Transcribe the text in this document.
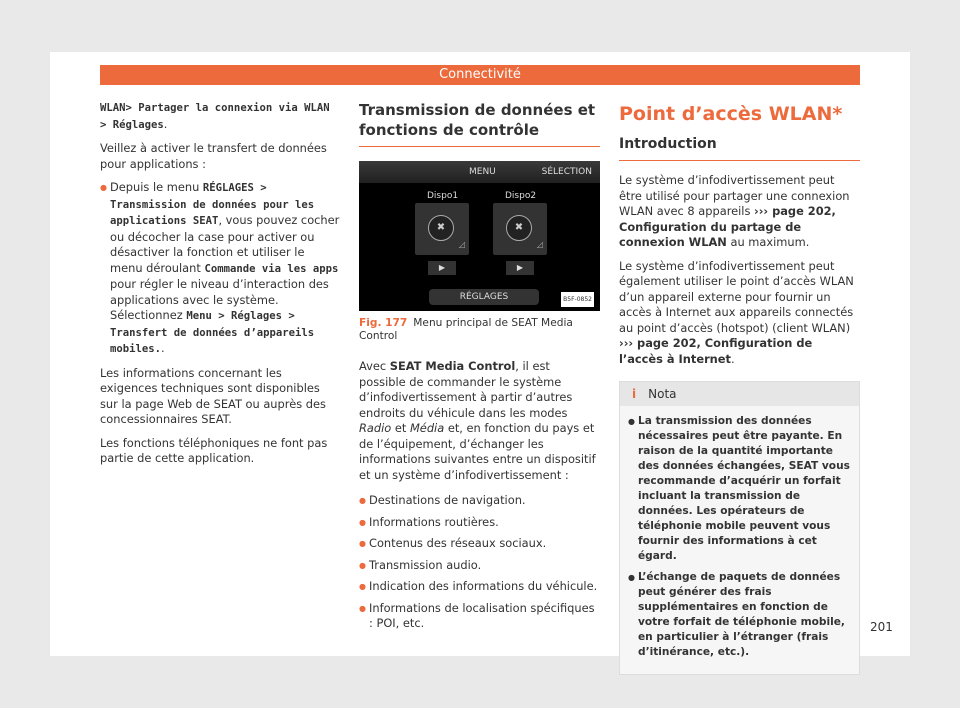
Connectivité

WLAN> Partager la connexion via WLAN > Réglages.

Veillez à activer le transfert de données pour applications :

● Depuis le menu RÉGLAGES > Transmission de données pour les applications SEAT, vous pouvez cocher ou décocher la case pour activer ou désactiver la fonction et utiliser le menu déroulant Commande via les apps pour régler le niveau d’interaction des applications avec le système. Sélectionnez Menu > Réglages > Transfert de données d’appareils mobiles..

Les informations concernant les exigences techniques sont disponibles sur la page Web de SEAT ou auprès des concessionnaires SEAT.

Les fonctions téléphoniques ne font pas partie de cette application.

Transmission de données et fonctions de contrôle
MENU	SÉLECTION
Dispo1	Dispo2
✖
◿
✖
◿
▶	▶
RÉGLAGES	B5F-0852
Fig. 177 Menu principal de SEAT Media Control

Avec SEAT Media Control, il est possible de commander le système d’infodivertissement à partir d’autres endroits du véhicule dans les modes Radio et Média et, en fonction du pays et de l’équipement, d’échanger les informations suivantes entre un dispositif et un système d’infodivertissement :

● Destinations de navigation.
● Informations routières.
● Contenus des réseaux sociaux.
● Transmission audio.
● Indication des informations du véhicule.
● Informations de localisation spécifiques : POI, etc.
Point d’accès WLAN*
Introduction

Le système d’infodivertissement peut être utilisé pour partager une connexion WLAN avec 8 appareils ››› page 202, Configuration du partage de connexion WLAN au maximum.

Le système d’infodivertissement peut également utiliser le point d’accès WLAN d’un appareil externe pour fournir un accès à Internet aux appareils connectés au point d’accès (hotspot) (client WLAN) ››› page 202, Configuration de l’accès à Internet.

i Nota
● La transmission des données nécessaires peut être payante. En raison de la quantité importante des données échangées, SEAT vous recommande d’acquérir un forfait incluant la transmission de données. Les opérateurs de téléphonie mobile peuvent vous fournir des informations à cet égard.
● L’échange de paquets de données peut générer des frais supplémentaires en fonction de votre forfait de téléphonie mobile, en particulier à l’étranger (frais d’itinérance, etc.).
201
